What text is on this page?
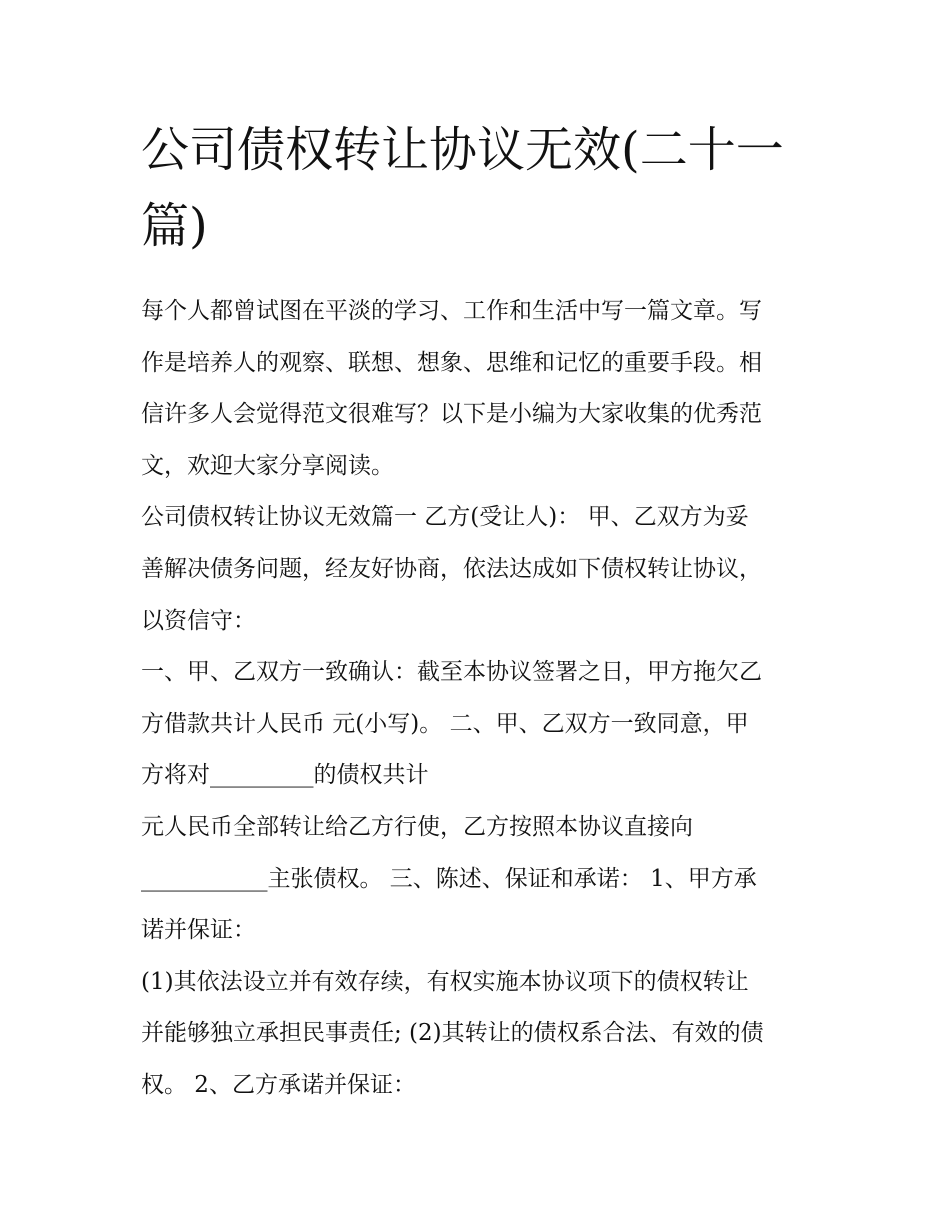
公司债权转让协议无效(二十一
篇)
每个人都曾试图在平淡的学习、工作和生活中写一篇文章。写
作是培养人的观察、联想、想象、思维和记忆的重要手段。相
信许多人会觉得范文很难写？以下是小编为大家收集的优秀范
文，欢迎大家分享阅读。
公司债权转让协议无效篇一 乙方(受让人)： 甲、乙双方为妥
善解决债务问题，经友好协商，依法达成如下债权转让协议，
以资信守：
一、甲、乙双方一致确认：截至本协议签署之日，甲方拖欠乙
方借款共计人民币 元(小写)。 二、甲、乙双方一致同意，甲
方将对_________的债权共计
元人民币全部转让给乙方行使，乙方按照本协议直接向
___________主张债权。 三、陈述、保证和承诺： 1、甲方承
诺并保证：
(1)其依法设立并有效存续，有权实施本协议项下的债权转让
并能够独立承担民事责任; (2)其转让的债权系合法、有效的债
权。 2、乙方承诺并保证：
